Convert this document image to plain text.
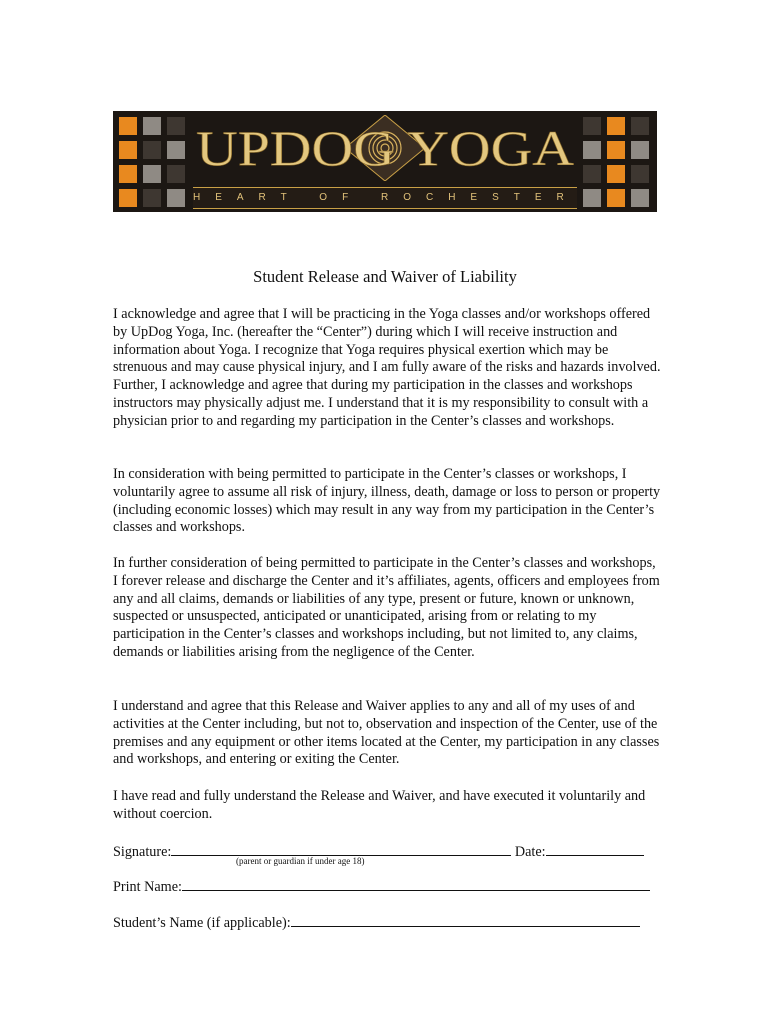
UPDOG YOGA
HEART OF ROCHESTER
Student Release and Waiver of Liability

I acknowledge and agree that I will be practicing in the Yoga classes and/or workshops offered by UpDog Yoga, Inc. (hereafter the “Center”) during which I will receive instruction and information about Yoga. I recognize that Yoga requires physical exertion which may be strenuous and may cause physical injury, and I am fully aware of the risks and hazards involved. Further, I acknowledge and agree that during my participation in the classes and workshops instructors may physically adjust me. I understand that it is my responsibility to consult with a physician prior to and regarding my participation in the Center’s classes and workshops.

In consideration with being permitted to participate in the Center’s classes or workshops, I voluntarily agree to assume all risk of injury, illness, death, damage or loss to person or property (including economic losses) which may result in any way from my participation in the Center’s classes and workshops.

In further consideration of being permitted to participate in the Center’s classes and workshops, I forever release and discharge the Center and it’s affiliates, agents, officers and employees from any and all claims, demands or liabilities of any type, present or future, known or unknown, suspected or unsuspected, anticipated or unanticipated, arising from or relating to my participation in the Center’s classes and workshops including, but not limited to, any claims, demands or liabilities arising from the negligence of the Center.

I understand and agree that this Release and Waiver applies to any and all of my uses of and activities at the Center including, but not to, observation and inspection of the Center, use of the premises and any equipment or other items located at the Center, my participation in any classes and workshops, and entering or exiting the Center.

I have read and fully understand the Release and Waiver, and have executed it voluntarily and without coercion.

Signature:	Date:
(parent or guardian if under age 18)
Print Name:
Student’s Name (if applicable):
